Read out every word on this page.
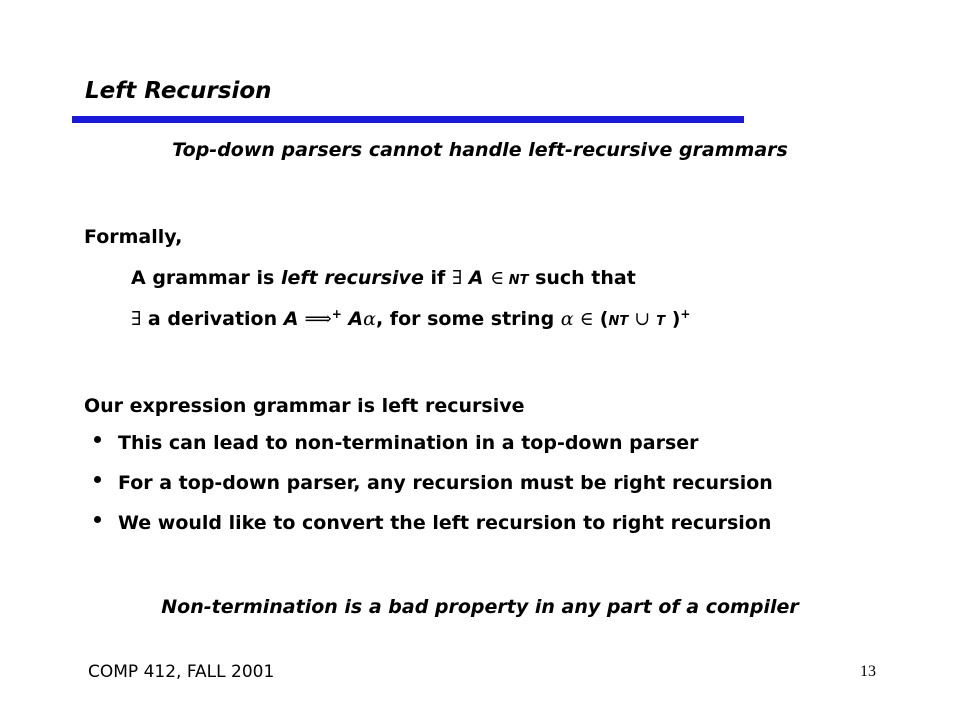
Left Recursion
Top-down parsers cannot handle left-recursive grammars
Formally,
A grammar is left recursive if ∃ A ∈ NT such that
∃ a derivation A ⟹+ Aα, for some string α ∈ (NT ∪ T )+
Our expression grammar is left recursive
This can lead to non-termination in a top-down parser
For a top-down parser, any recursion must be right recursion
We would like to convert the left recursion to right recursion
Non-termination is a bad property in any part of a compiler
COMP 412, FALL 2001	13
